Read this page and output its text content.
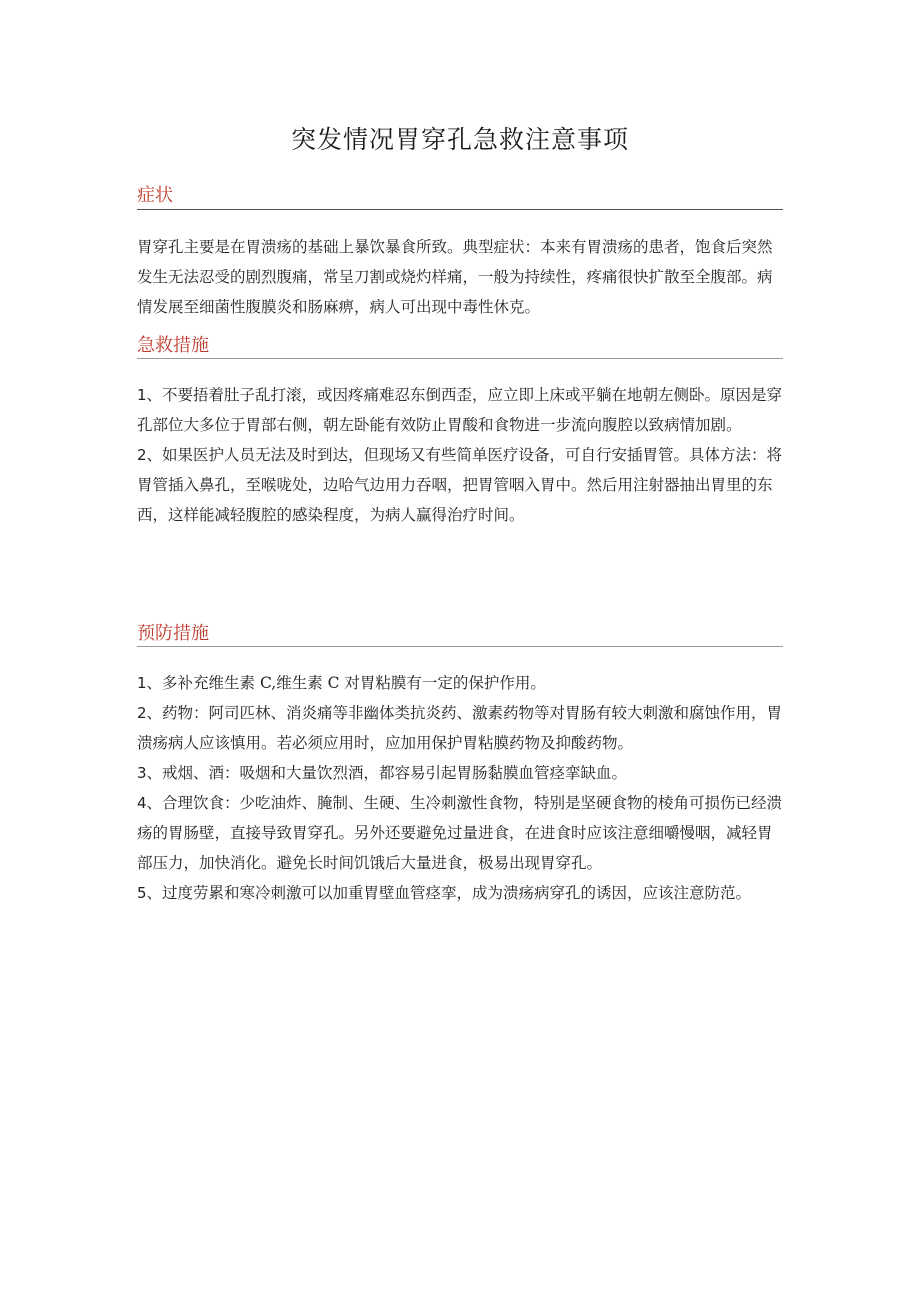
突发情况胃穿孔急救注意事项
症状

胃穿孔主要是在胃溃疡的基础上暴饮暴食所致。典型症状：本来有胃溃疡的患者，饱食后突然发生无法忍受的剧烈腹痛，常呈刀割或烧灼样痛，一般为持续性，疼痛很快扩散至全腹部。病情发展至细菌性腹膜炎和肠麻痹，病人可出现中毒性休克。

急救措施
1、不要捂着肚子乱打滚，或因疼痛难忍东倒西歪，应立即上床或平躺在地朝左侧卧。原因是穿孔部位大多位于胃部右侧，朝左卧能有效防止胃酸和食物进一步流向腹腔以致病情加剧。
2、如果医护人员无法及时到达，但现场又有些简单医疗设备，可自行安插胃管。具体方法：将胃管插入鼻孔，至喉咙处，边哈气边用力吞咽，把胃管咽入胃中。然后用注射器抽出胃里的东西，这样能减轻腹腔的感染程度，为病人赢得治疗时间。
预防措施
1、多补充维生素 C,维生素 C 对胃粘膜有一定的保护作用。
2、药物：阿司匹林、消炎痛等非幽体类抗炎药、激素药物等对胃肠有较大刺激和腐蚀作用，胃溃疡病人应该慎用。若必须应用时，应加用保护胃粘膜药物及抑酸药物。
3、戒烟、酒：吸烟和大量饮烈酒，都容易引起胃肠黏膜血管痉挛缺血。
4、合理饮食：少吃油炸、腌制、生硬、生冷刺激性食物，特别是坚硬食物的棱角可损伤已经溃疡的胃肠壁，直接导致胃穿孔。另外还要避免过量进食，在进食时应该注意细嚼慢咽，减轻胃部压力，加快消化。避免长时间饥饿后大量进食，极易出现胃穿孔。
5、过度劳累和寒冷刺激可以加重胃壁血管痉挛，成为溃疡病穿孔的诱因，应该注意防范。
